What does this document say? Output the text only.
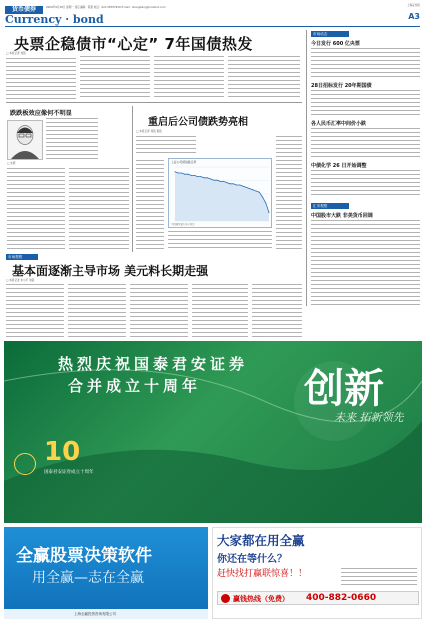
货币债券	2009年9月28日 星期一 责任编辑：陈燕 电话：021-58357920 E-mail：shangbang@cnstock.com
Currency · bond	A3
上海证券报
央票企稳债市“心定” 7年国债热发
□ 本报记者 刘铭
跌跌板效应像何不明显
□ 朱霞
重启后公司债跌势亮相
□ 本报记者 刘铭 秦铭
上证公司债指数走势
中国建设银行电子银行
市场动态
今日发行 600 亿央票
28日招标发行 20年期国债
各人民币汇率中间价小跌
中债化学 26 日开始调整
汇市观察
中国股市大跌 非美货币回调
市场观察
基本面逐渐主导市场 美元料长期走强
□ 本报记者 朱小平 刘铭
热烈庆祝国泰君安证券
合并成立十周年	创新
未来 拓新领先
10
国泰君安证券成立十周年
全赢股票决策软件
用全赢—志在全赢
上海全赢投资咨询有限公司
大家都在用全赢
你还在等什么？
赶快找打赢联惊喜！！
赢钱热线（免费） 400-882-0660
